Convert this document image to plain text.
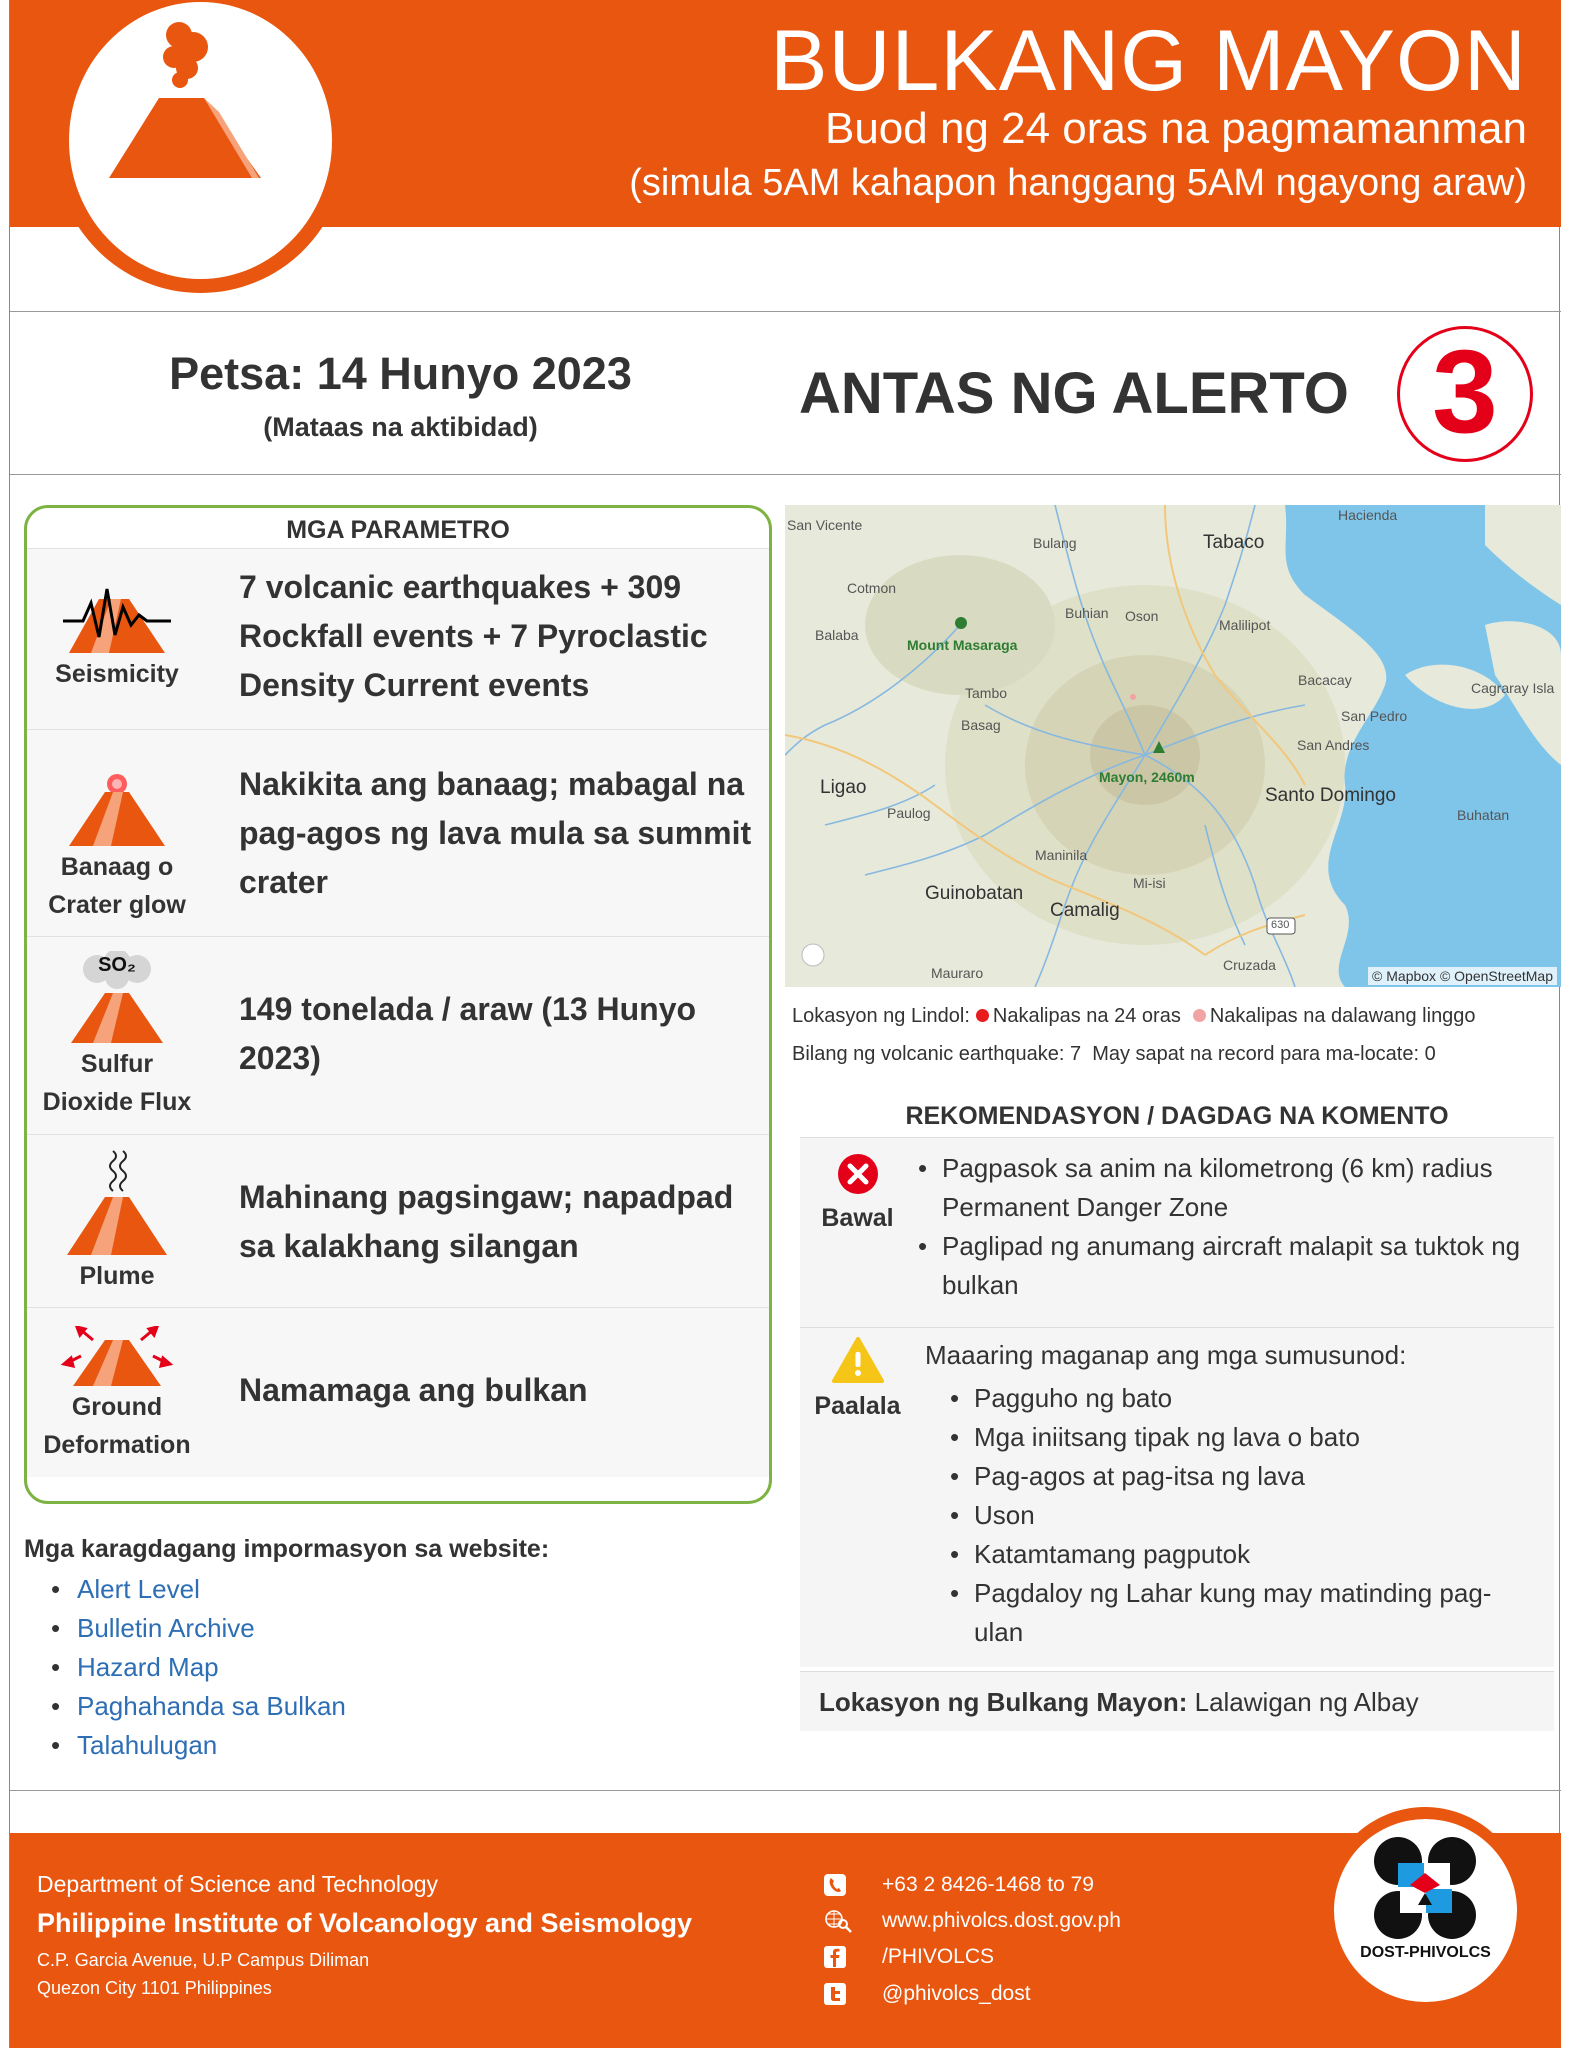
BULKANG MAYON
Buod ng 24 oras na pagmamanman
(simula 5AM kahapon hanggang 5AM ngayong araw)
Petsa: 14 Hunyo 2023
(Mataas na aktibidad)
ANTAS NG ALERTO 3
MGA PARAMETRO
Seismicity
7 volcanic earthquakes + 309 Rockfall events + 7 Pyroclastic Density Current events
Banaag o
Crater glow
Nakikita ang banaag; mabagal na pag-agos ng lava mula sa summit crater
SO₂
Sulfur
Dioxide Flux
149 tonelada / araw (13 Hunyo 2023)
Plume
Mahinang pagsingaw; napadpad sa kalakhang silangan
Ground
Deformation
Namamaga ang bulkan
Mga karagdagang impormasyon sa website:
• Alert Level
• Bulletin Archive
• Hazard Map
• Paghahanda sa Bulkan
• Talahulugan
Hacienda
San Vicente
Bulang	Tabaco
Cotmon
Buhian Oson
Malilipot
Balaba
Mount Masaraga
Bacacay	Cagraray Isla
Tambo
San Pedro
Basag
San Andres
Mayon, 2460m
Ligao	Santo Domingo
Paulog	Buhatan
Maninila
Mi-isi
Guinobatan
Camalig
630
Mauraro	Cruzada
© Mapbox © OpenStreetMap
Lokasyon ng Lindol: Nakalipas na 24 oras Nakalipas na dalawang linggo
Bilang ng volcanic earthquake: 7 May sapat na record para ma-locate: 0
REKOMENDASYON / DAGDAG NA KOMENTO
Bawal
• Pagpasok sa anim na kilometrong (6 km) radius Permanent Danger Zone
• Paglipad ng anumang aircraft malapit sa tuktok ng bulkan
Paalala
Maaaring maganap ang mga sumusunod:
• Pagguho ng bato
• Mga iniitsang tipak ng lava o bato
• Pag-agos at pag-itsa ng lava
• Uson
• Katamtamang pagputok
• Pagdaloy ng Lahar kung may matinding pag-ulan
Lokasyon ng Bulkang Mayon: Lalawigan ng Albay
Department of Science and Technology
Philippine Institute of Volcanology and Seismology
C.P. Garcia Avenue, U.P Campus Diliman
Quezon City 1101 Philippines
+63 2 8426-1468 to 79
www.phivolcs.dost.gov.ph
/PHIVOLCS
@phivolcs_dost
DOST-PHIVOLCS
